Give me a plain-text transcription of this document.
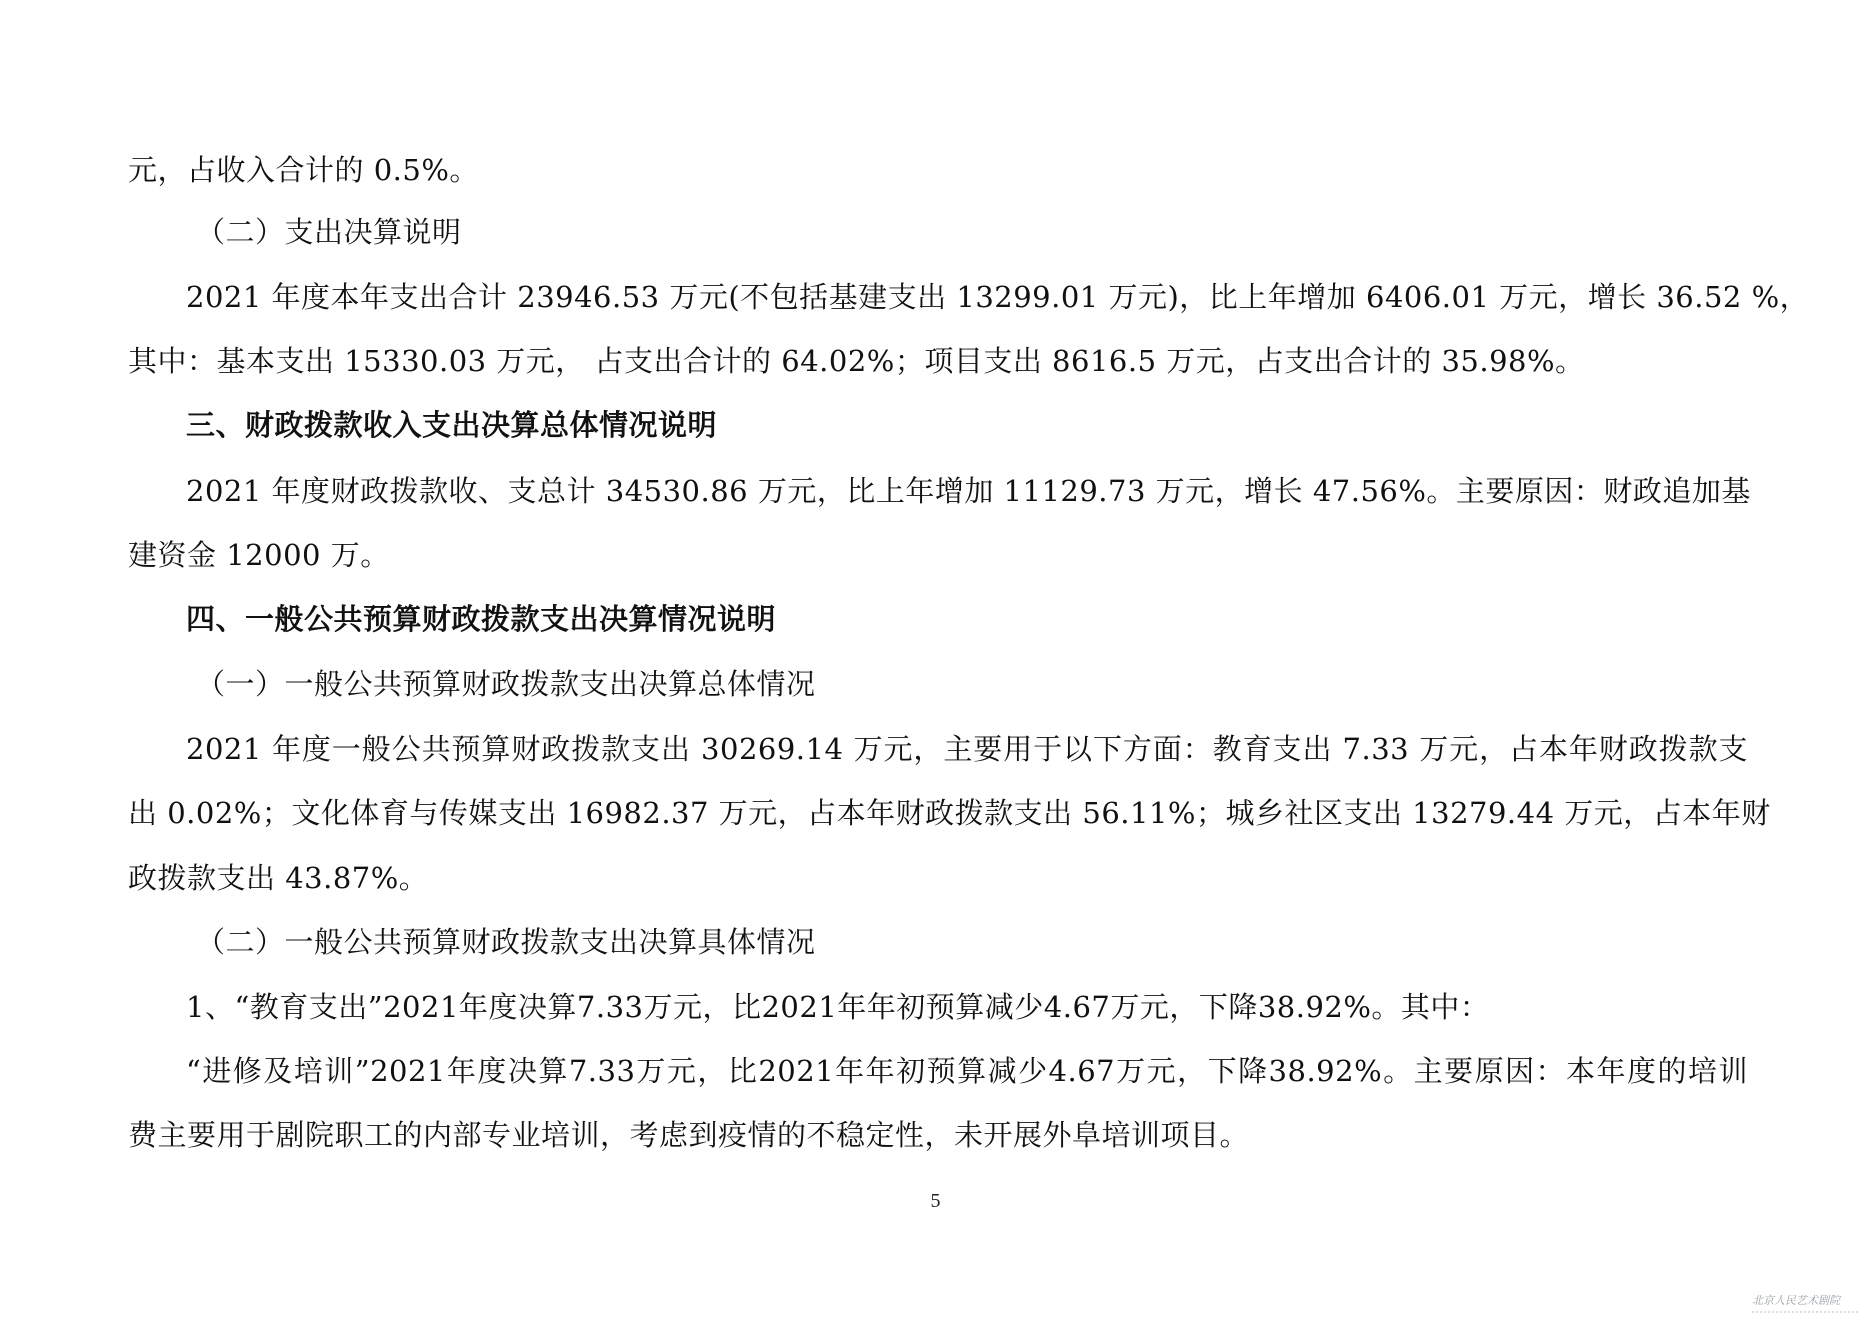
元，占收入合计的 0.5%。
（二）支出决算说明
2021 年度本年支出合计 23946.53 万元(不包括基建支出 13299.01 万元)，比上年增加 6406.01 万元，增长 36.52 %，
其中：基本支出 15330.03 万元， 占支出合计的 64.02%；项目支出 8616.5 万元，占支出合计的 35.98%。
三、财政拨款收入支出决算总体情况说明
2021 年度财政拨款收、支总计 34530.86 万元，比上年增加 11129.73 万元，增长 47.56%。主要原因：财政追加基
建资金 12000 万。
四、一般公共预算财政拨款支出决算情况说明
（一）一般公共预算财政拨款支出决算总体情况
2021 年度一般公共预算财政拨款支出 30269.14 万元，主要用于以下方面：教育支出 7.33 万元，占本年财政拨款支
出 0.02%；文化体育与传媒支出 16982.37 万元，占本年财政拨款支出 56.11%；城乡社区支出 13279.44 万元，占本年财
政拨款支出 43.87%。
（二）一般公共预算财政拨款支出决算具体情况
1、“教育支出”2021年度决算7.33万元，比2021年年初预算减少4.67万元，下降38.92%。其中：
“进修及培训”2021年度决算7.33万元，比2021年年初预算减少4.67万元，下降38.92%。主要原因：本年度的培训
费主要用于剧院职工的内部专业培训，考虑到疫情的不稳定性，未开展外阜培训项目。
5
北京人民艺术剧院
